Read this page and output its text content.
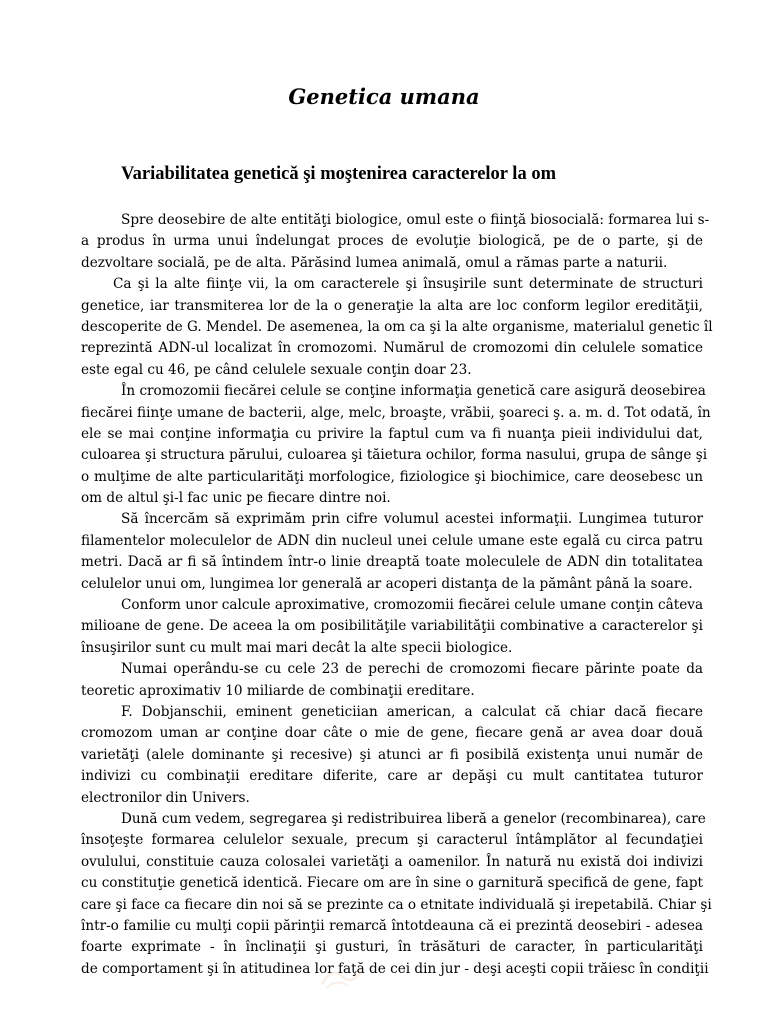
Genetica umana
Variabilitatea genetică şi moştenirea caracterelor la om
Spre deosebire de alte entităţi biologice, omul este o fiinţă biosocială: formarea lui s-
a produs în urma unui îndelungat proces de evoluţie biologică, pe de o parte, şi de
dezvoltare socială, pe de alta. Părăsind lumea animală, omul a rămas parte a naturii.
Ca şi la alte fiinţe vii, la om caracterele şi însuşirile sunt determinate de structuri
genetice, iar transmiterea lor de la o generaţie la alta are loc conform legilor eredităţii,
descoperite de G. Mendel. De asemenea, la om ca şi la alte organisme, materialul genetic îl
reprezintă ADN-ul localizat în cromozomi. Numărul de cromozomi din celulele somatice
este egal cu 46, pe când celulele sexuale conţin doar 23.
În cromozomii fiecărei celule se conţine informaţia genetică care asigură deosebirea
fiecărei fiinţe umane de bacterii, alge, melc, broaşte, vrăbii, şoareci ş. a. m. d. Tot odată, în
ele se mai conţine informaţia cu privire la faptul cum va fi nuanţa pieii individului dat,
culoarea şi structura părului, culoarea şi tăietura ochilor, forma nasului, grupa de sânge şi
o mulţime de alte particularităţi morfologice, fiziologice şi biochimice, care deosebesc un
om de altul şi-l fac unic pe fiecare dintre noi.
Să încercăm să exprimăm prin cifre volumul acestei informaţii. Lungimea tuturor
filamentelor moleculelor de ADN din nucleul unei celule umane este egală cu circa patru
metri. Dacă ar fi să întindem într-o linie dreaptă toate moleculele de ADN din totalitatea
celulelor unui om, lungimea lor generală ar acoperi distanţa de la pământ până la soare.
Conform unor calcule aproximative, cromozomii fiecărei celule umane conţin câteva
milioane de gene. De aceea la om posibilităţile variabilităţii combinative a caracterelor şi
însuşirilor sunt cu mult mai mari decât la alte specii biologice.
Numai operându-se cu cele 23 de perechi de cromozomi fiecare părinte poate da
teoretic aproximativ 10 miliarde de combinaţii ereditare.
F. Dobjanschii, eminent geneticiian american, a calculat că chiar dacă fiecare
cromozom uman ar conţine doar câte o mie de gene, fiecare genă ar avea doar două
varietăţi (alele dominante şi recesive) şi atunci ar fi posibilă existenţa unui număr de
indivizi cu combinaţii ereditare diferite, care ar depăşi cu mult cantitatea tuturor
electronilor din Univers.
Dună cum vedem, segregarea şi redistribuirea liberă a genelor (recombinarea), care
însoţeşte formarea celulelor sexuale, precum şi caracterul întâmplător al fecundaţiei
ovulului, constituie cauza colosalei varietăţi a oamenilor. În natură nu există doi indivizi
cu constituţie genetică identică. Fiecare om are în sine o garnitură specifică de gene, fapt
care şi face ca fiecare din noi să se prezinte ca o etnitate individuală şi irepetabilă. Chiar şi
într-o familie cu mulţi copii părinţii remarcă întotdeauna că ei prezintă deosebiri - adesea
foarte exprimate - în înclinaţii şi gusturi, în trăsături de caracter, în particularităţi
de comportament şi în atitudinea lor faţă de cei din jur - deşi aceşti copii trăiesc în condiţii
